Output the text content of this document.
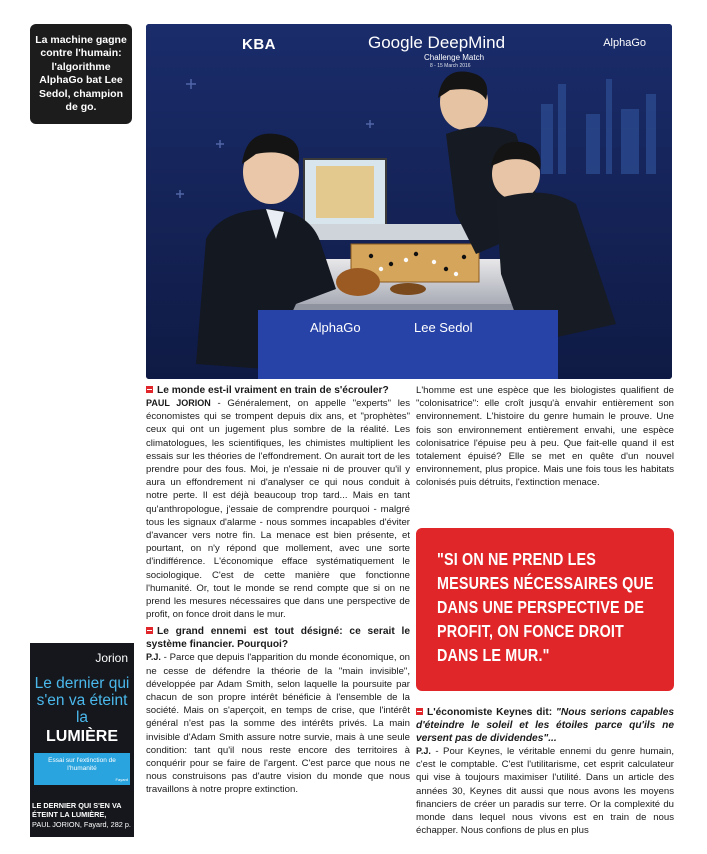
La machine gagne contre l'humain: l'algorithme AlphaGo bat Lee Sedol, champion de go.
KBA	Google DeepMind
Challenge Match
8 - 15 March 2016
AlphaGo
AlphaGo	Lee Sedol

Le monde est-il vraiment en train de s'écrouler?

PAUL JORION - Généralement, on appelle "experts" les économistes qui se trompent depuis dix ans, et "prophètes" ceux qui ont un jugement plus sombre de la réalité. Les climatologues, les scientifiques, les chimistes multiplient les essais sur les théories de l'effondrement. On aurait tort de les prendre pour des fous. Moi, je n'essaie ni de prouver qu'il y aura un effondrement ni d'analyser ce qui nous conduit à notre perte. Il est déjà beaucoup trop tard... Mais en tant qu'anthropologue, j'essaie de comprendre pourquoi - malgré tous les signaux d'alarme - nous sommes incapables d'éviter d'avancer vers notre fin. La menace est bien présente, et pourtant, on n'y répond que mollement, avec une sorte d'indifférence. L'économique efface systématiquement le sociologique. C'est de cette manière que fonctionne l'humanité. Or, tout le monde se rend compte que si on ne prend les mesures nécessaires que dans une perspective de profit, on fonce droit dans le mur.

Le grand ennemi est tout désigné: ce serait le système financier. Pourquoi?

P.J. - Parce que depuis l'apparition du monde économique, on ne cesse de défendre la théorie de la "main invisible", développée par Adam Smith, selon laquelle la poursuite par chacun de son propre intérêt bénéficie à l'ensemble de la société. Mais on s'aperçoit, en temps de crise, que l'intérêt général n'est pas la somme des intérêts privés. La main invisible d'Adam Smith assure notre survie, mais à une seule condition: tant qu'il nous reste encore des territoires à conquérir pour se faire de l'argent. C'est parce que nous ne nous construisons pas d'autre vision du monde que nous travaillons à notre propre extinction.

L'homme est une espèce que les biologistes qualifient de "colonisatrice": elle croît jusqu'à envahir entièrement son environnement. L'histoire du genre humain le prouve. Une fois son environnement entièrement envahi, une espèce colonisatrice l'épuise peu à peu. Que fait-elle quand il est totalement épuisé? Elle se met en quête d'un nouvel environnement, plus propice. Mais une fois tous les habitats colonisés puis détruits, l'extinction menace.

"SI ON NE PREND LES MESURES NÉCESSAIRES QUE DANS UNE PERSPECTIVE DE PROFIT, ON FONCE DROIT DANS LE MUR."

L'économiste Keynes dit: "Nous serions capables d'éteindre le soleil et les étoiles parce qu'ils ne versent pas de dividendes"...

P.J. - Pour Keynes, le véritable ennemi du genre humain, c'est le comptable. C'est l'utilitarisme, cet esprit calculateur qui vise à toujours maximiser l'utilité. Dans un article des années 30, Keynes dit aussi que nous avons les moyens financiers de créer un paradis sur terre. Or la complexité du monde dans lequel nous vivons est en train de nous échapper. Nous confions de plus en plus

Jorion
Le dernier qui s'en va éteint la
LUMIÈRE
Essai sur l'extinction de l'humanité
Fayard
LE DERNIER QUI S'EN VA ÉTEINT LA LUMIÈRE,
PAUL JORION, Fayard, 282 p.
